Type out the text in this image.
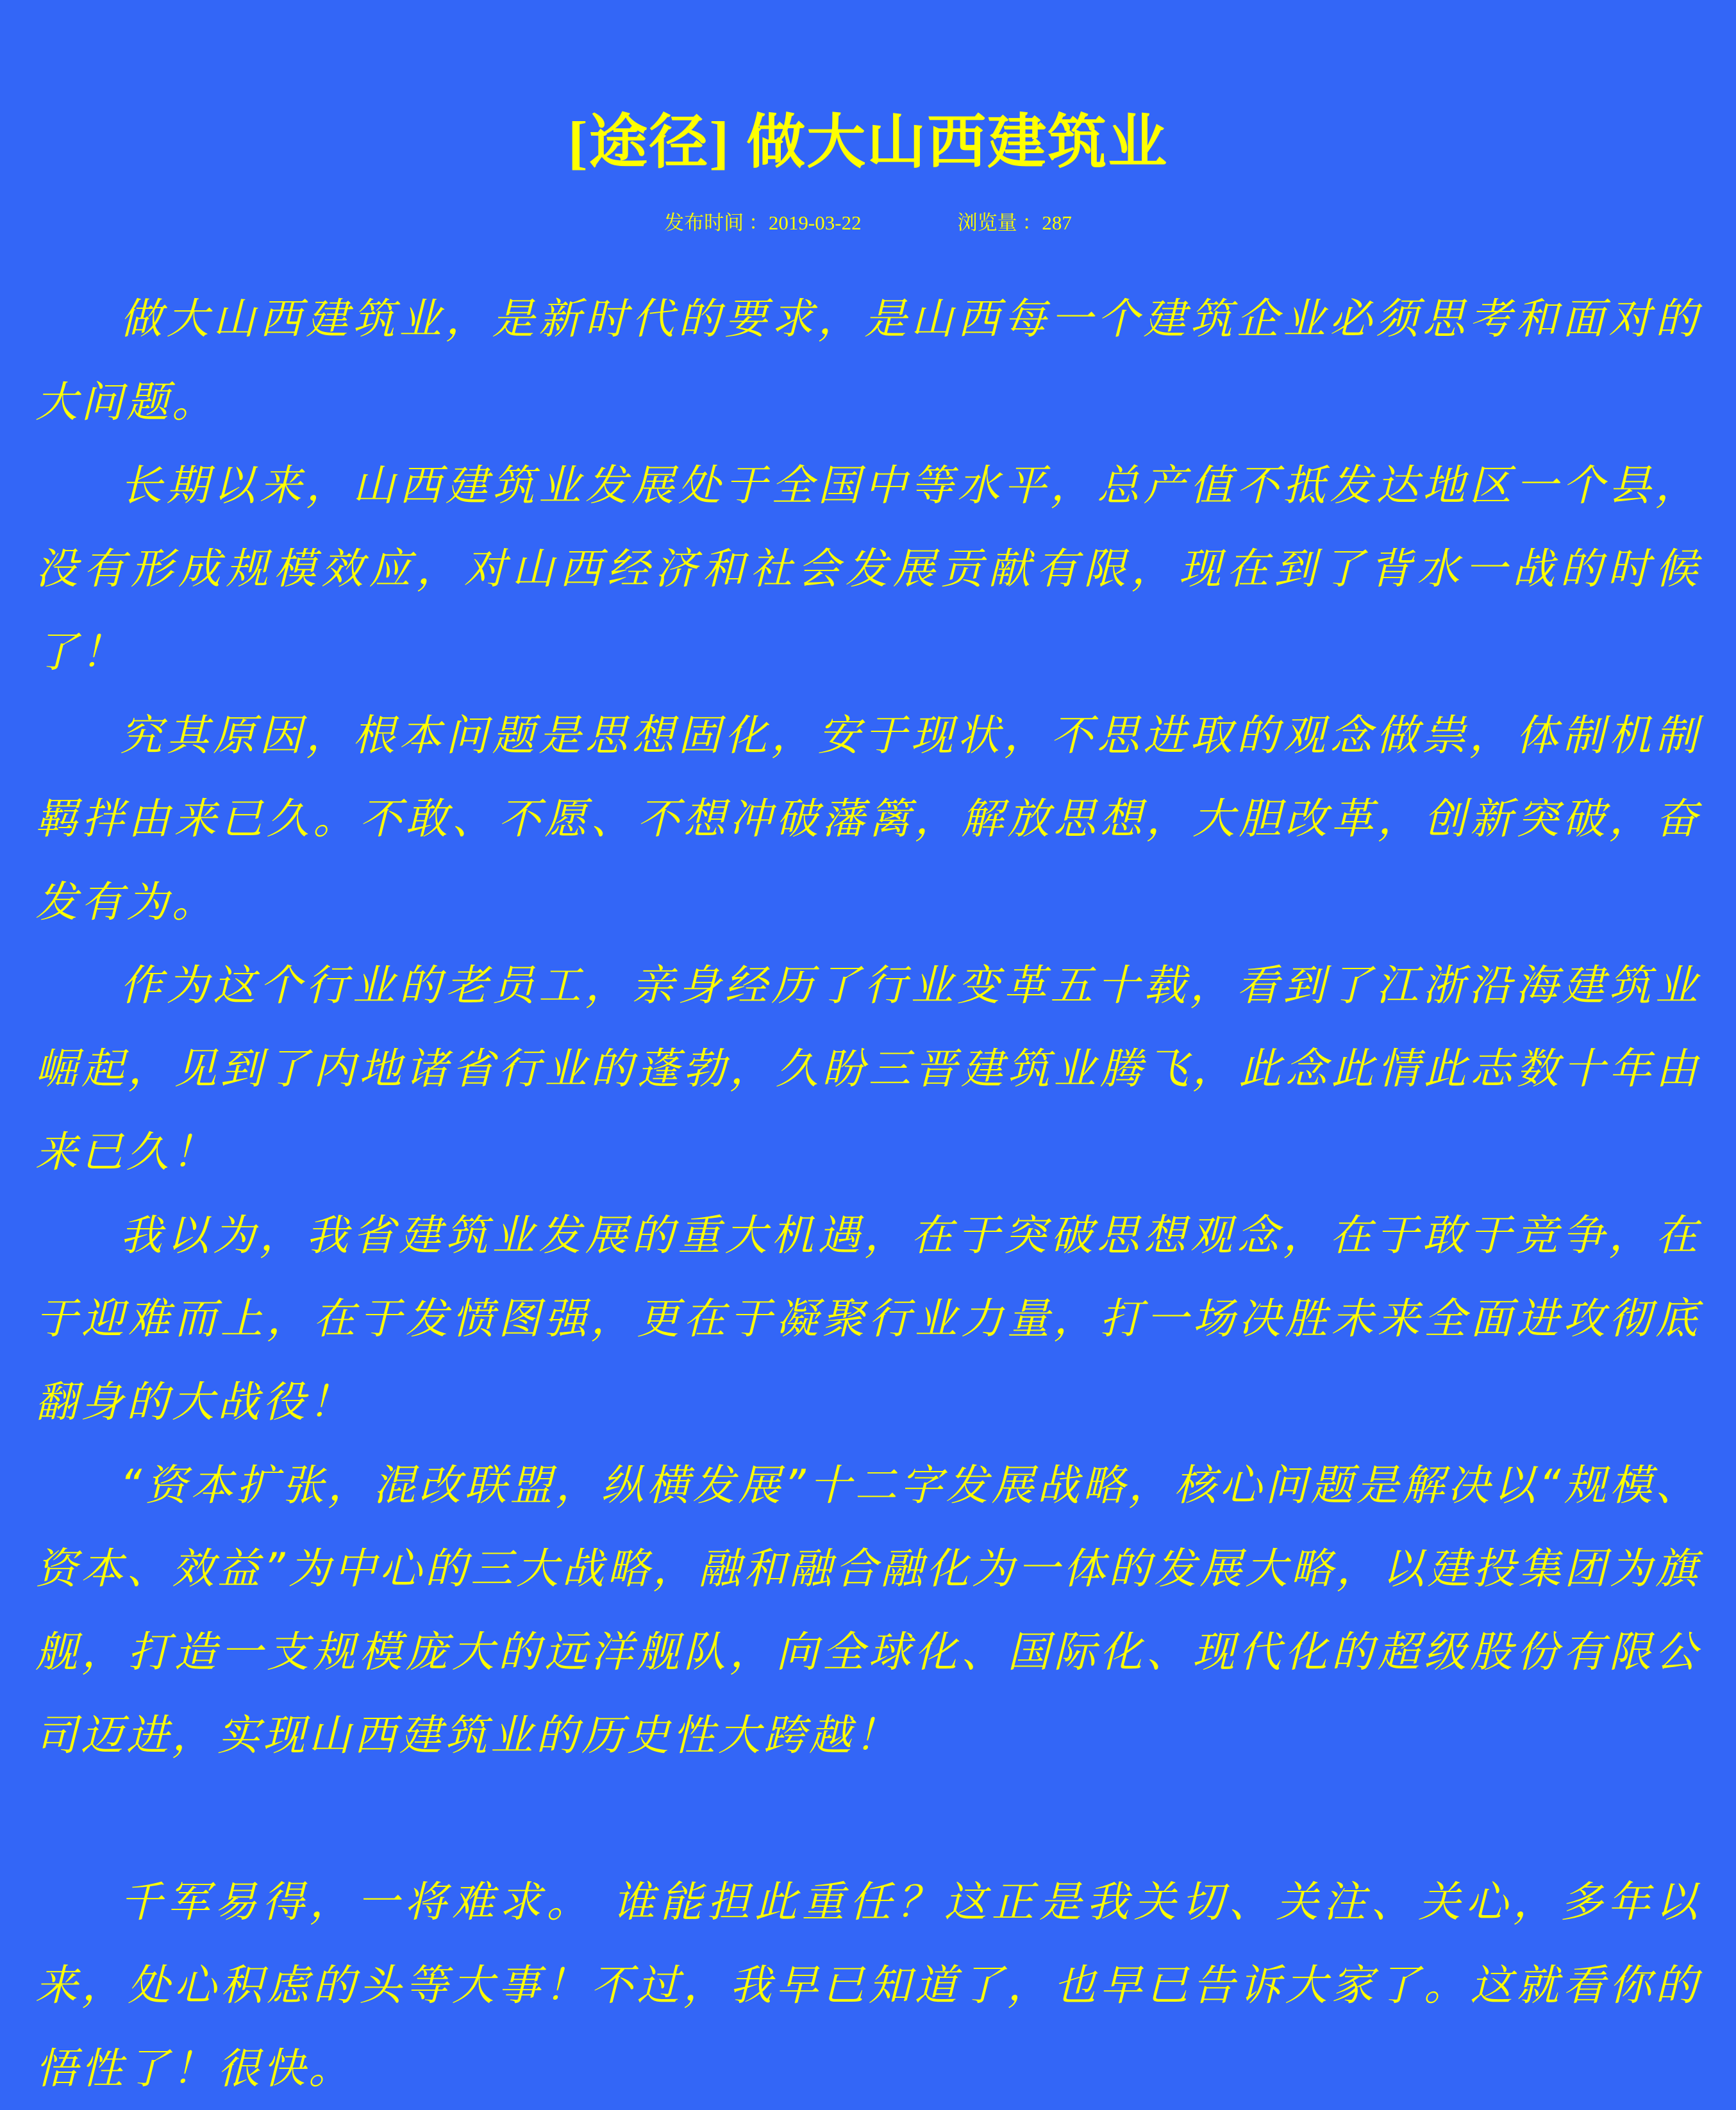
[途径] 做大山西建筑业
发布时间 ：2019-03-22	浏览量 ：287

做大山西建筑业，是新时代的要求，是山西每一个建筑企业必须思考和面对的大问题。

长期以来，山西建筑业发展处于全国中等水平，总产值不抵发达地区一个县，没有形成规模效应，对山西经济和社会发展贡献有限，现在到了背水一战的时候了！

究其原因，根本问题是思想固化，安于现状，不思进取的观念做祟，体制机制羁拌由来已久。不敢、不愿、不想冲破藩篱，解放思想，大胆改革，创新突破，奋发有为。

作为这个行业的老员工，亲身经历了行业变革五十载，看到了江浙沿海建筑业崛起，见到了内地诸省行业的蓬勃，久盼三晋建筑业腾飞，此念此情此志数十年由来已久！

我以为，我省建筑业发展的重大机遇，在于突破思想观念，在于敢于竞争，在于迎难而上，在于发愤图强，更在于凝聚行业力量，打一场决胜未来全面进攻彻底翻身的大战役！

“资本扩张，混改联盟，纵横发展”十二字发展战略，核心问题是解决以“规模、资本、效益”为中心的三大战略，融和融合融化为一体的发展大略，以建投集团为旗舰，打造一支规模庞大的远洋舰队，向全球化、国际化、现代化的超级股份有限公司迈进，实现山西建筑业的历史性大跨越！

千军易得，一将难求。 谁能担此重任？这正是我关切、关注、关心，多年以来，处心积虑的头等大事！不过，我早已知道了，也早已告诉大家了。这就看你的悟性了！很快。
